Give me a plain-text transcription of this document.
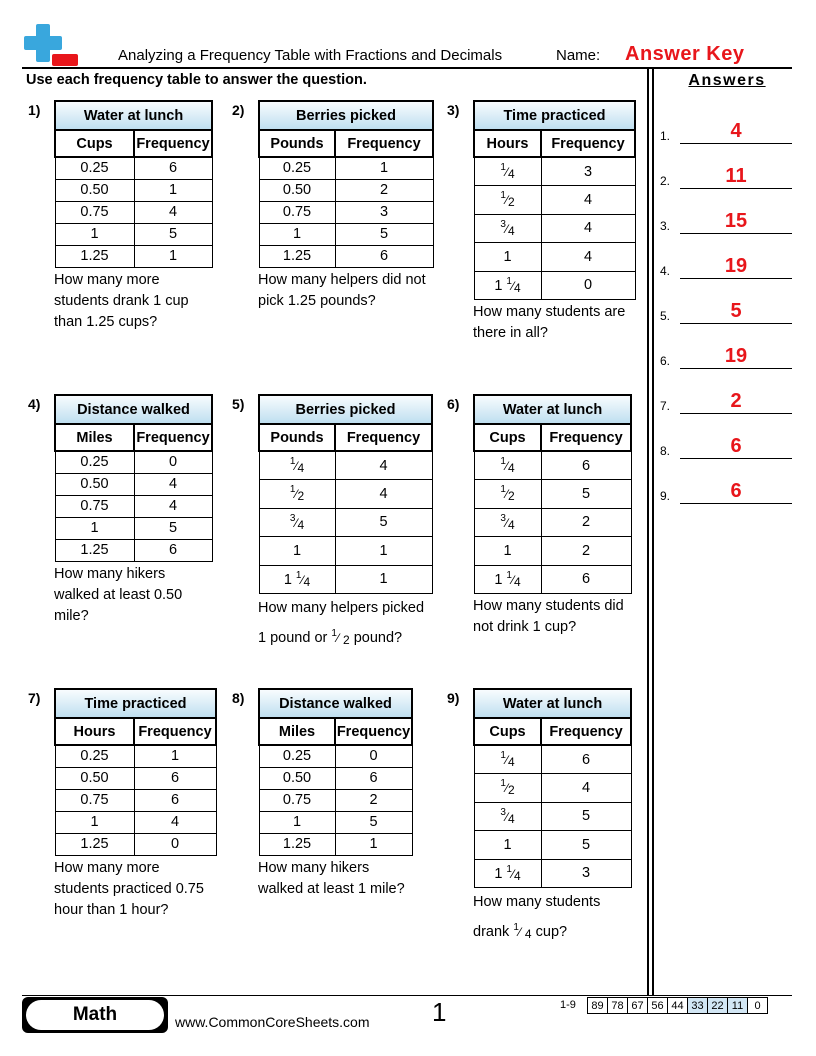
Analyzing a Frequency Table with Fractions and Decimals	Name: Answer Key
Use each frequency table to answer the question.	Answers
1.	4
2.	11
3.	15
4.	19
5.	5
6.	19
7.	2
8.	6
9.	6
1)	Water at lunch	
Cups	Frequency
0.25	6
0.50	1
0.75	4
1	5
1.25	1
How many more students drank 1 cup than 1.25 cups?
2)	Berries picked	
Pounds	Frequency
0.25	1
0.50	2
0.75	3
1	5
1.25	6
How many helpers did not pick 1.25 pounds?
3)	Time practiced	
Hours	Frequency
$^1⁄_4$	3
$^1⁄_2$	4
$^3⁄_4$	4
1	4
1 $^1⁄_4$	0
How many students are there in all?
4)	Distance walked	
Miles	Frequency
0.25	0
0.50	4
0.75	4
1	5
1.25	6
How many hikers walked at least 0.50 mile?
5)	Berries picked	
Pounds	Frequency
$^1⁄_4$	4
$^1⁄_2$	4
$^3⁄_4$	5
1	1
1 $^1⁄_4$	1
How many helpers picked 1 pound or $^1$⁄ $_2$ pound?
6)	Water at lunch	
Cups	Frequency
$^1⁄_4$	6
$^1⁄_2$	5
$^3⁄_4$	2
1	2
1 $^1⁄_4$	6
How many students did not drink 1 cup?
7)	Time practiced	
Hours	Frequency
0.25	1
0.50	6
0.75	6
1	4
1.25	0
How many more students practiced 0.75 hour than 1 hour?
8) Distance walked	
Miles	Frequency
0.25	0
0.50	6
0.75	2
1	5
1.25	1
How many hikers walked at least 1 mile?
9)	Water at lunch	
Cups	Frequency
$^1⁄_4$	6
$^1⁄_2$	4
$^3⁄_4$	5
1	5
1 $^1⁄_4$	3
How many students drank $^1$⁄ $_4$ cup?
Math	www.CommonCoreSheets.com 1	1-9 89	78	67	56	44	33	22	11	0
